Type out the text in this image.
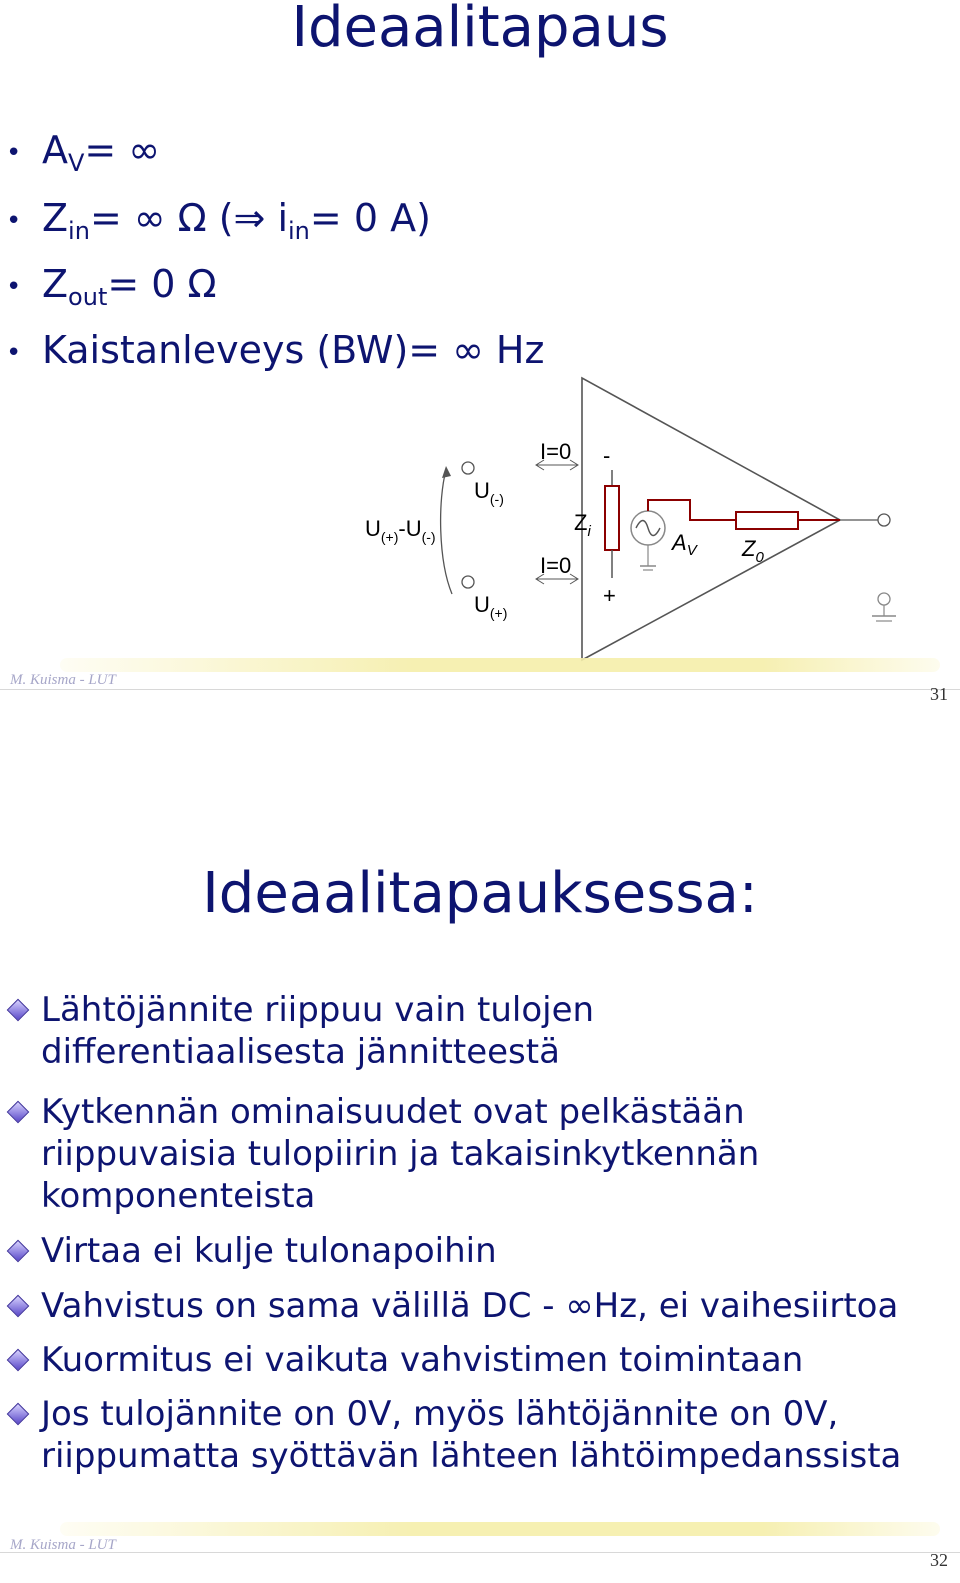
Ideaalitapaus
• $A_V=$ ∞
• $Z_{in}=$ ∞ Ω (⇒ $i_{in}= 0$ A)
• $Z_{out}= 0$ Ω
• Kaistanleveys (BW)= ∞ Hz
$U_{(+)}-U_{(-)}$
$U_{(-)}$
$U_{(+)}$
I=0
I=0
-
+
$Z_i$	$A_V$ $Z_0$
M. Kuisma - LUT
31
Ideaalitapauksessa:
Lähtöjännite riippuu vain tulojen
differentiaalisesta jännitteestä
Kytkennän ominaisuudet ovat pelkästään
riippuvaisia tulopiirin ja takaisinkytkennän
komponenteista
Virtaa ei kulje tulonapoihin
Vahvistus on sama välillä DC - ∞Hz, ei vaihesiirtoa
Kuormitus ei vaikuta vahvistimen toimintaan
Jos tulojännite on 0V, myös lähtöjännite on 0V,
riippumatta syöttävän lähteen lähtöimpedanssista
M. Kuisma - LUT
32
